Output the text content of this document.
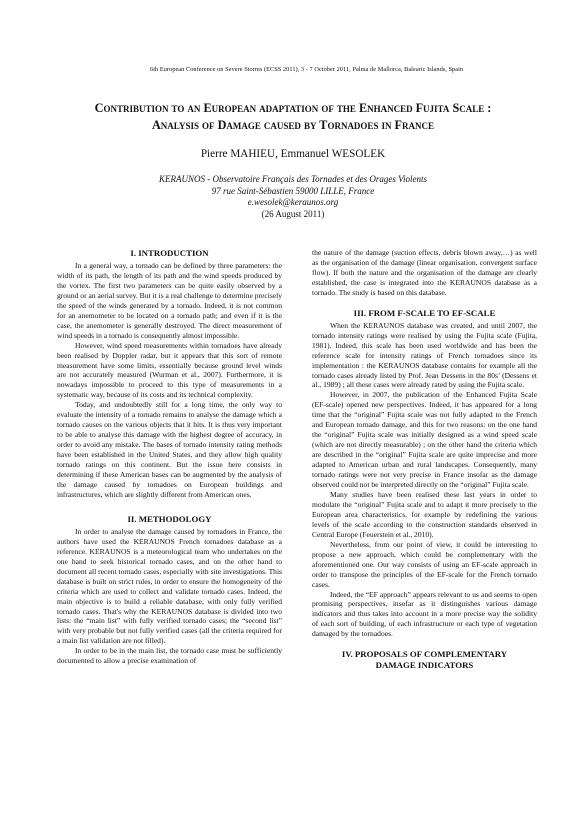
6th European Conference on Severe Storms (ECSS 2011), 3 - 7 October 2011, Palma de Mallorca, Balearic Islands, Spain
Contribution to an European adaptation of the Enhanced Fujita Scale :
Analysis of Damage caused by Tornadoes in France
Pierre MAHIEU, Emmanuel WESOLEK
KERAUNOS - Observatoire Français des Tornades et des Orages Violents
97 rue Saint-Sébastien 59000 LILLE, France
e.wesolek@keraunos.org
(26 August 2011)
I. INTRODUCTION

In a general way, a tornado can be defined by three parameters: the width of its path, the length of its path and the wind speeds produced by the vortex. The first two parameters can be quite easily observed by a ground or an aerial survey. But it is a real challenge to determine precisely the speed of the winds generated by a tornado. Indeed, it is not common for an anemometer to be located on a tornado path; and even if it is the case, the anemometer is generally destroyed. The direct measurement of wind speeds in a tornado is consequently almost impossible.

However, wind speed measurements within tornadoes have already been realised by Doppler radar, but it appears that this sort of remote measurement have some limits, essentially because ground level winds are not accurately measured (Wurman et al., 2007). Furthermore, it is nowadays impossible to proceed to this type of measurements in a systematic way, because of its costs and its technical complexity.

Today, and undoubtedly still for a long time, the only way to evaluate the intensity of a tornado remains to analyse the damage which a tornado causes on the various objects that it hits. It is thus very important to be able to analyse this damage with the highest degree of accuracy, in order to avoid any mistake. The bases of tornado intensity rating methods have been established in the United States, and they allow high quality tornado ratings on this continent. But the issue here consists in determining if these American bases can be augmented by the analysis of the damage caused by tornadoes on European buildings and infrastructures, which are slightly different from American ones.

II. METHODOLOGY

In order to analyse the damage caused by tornadoes in France, the authors have used the KERAUNOS French tornadoes database as a reference. KERAUNOS is a meteorological team who undertakes on the one hand to seek historical tornado cases, and on the other hand to document all recent tornado cases, especially with site investigations. This database is built on strict rules, in order to ensure the homogeneity of the criteria which are used to collect and validate tornado cases. Indeed, the main objective is to build a reliable database, with only fully verified tornado cases. That's why the KERAUNOS database is divided into two lists: the “main list” with fully verified tornado cases; the “second list” with very probable but not fully verified cases (all the criteria required for a main list validation are not filled).

In order to be in the main list, the tornado case must be sufficiently documented to allow a precise examination of

the nature of the damage (suction effects, debris blown away,…) as well as the organisation of the damage (linear organisation, convergent surface flow). If both the nature and the organisation of the damage are clearly established, the case is integrated into the KERAUNOS database as a tornado. The study is based on this database.

III. FROM F-SCALE TO EF-SCALE

When the KERAUNOS database was created, and until 2007, the tornado intensity ratings were realised by using the Fujita scale (Fujita, 1981). Indeed, this scale has been used worldwide and has been the reference scale for intensity ratings of French tornadoes since its implementation : the KERAUNOS database contains for example all the tornado cases already listed by Prof. Jean Dessens in the 80s’ (Dessens et al., 1989) ; all these cases were already rated by using the Fujita scale.

However, in 2007, the publication of the Enhanced Fujita Scale (EF-scale) opened new perspectives. Indeed, it has appeared for a long time that the “original” Fujita scale was not fully adapted to the French and European tornado damage, and this for two reasons: on the one hand the “original” Fujita scale was initially designed as a wind speed scale (which are not directly measurable) ; on the other hand the criteria which are described in the “original” Fujita scale are quite imprecise and more adapted to American urban and rural landscapes. Consequently, many tornado ratings were not very precise in France insofar as the damage observed could not be interpreted directly on the “original” Fujita scale.

Many studies have been realised these last years in order to modulate the “original” Fujita scale and to adapt it more precisely to the European area characteristics, for example by redefining the various levels of the scale according to the construction standards observed in Central Europe (Feuerstein et al., 2010).

Nevertheless, from our point of view, it could be interesting to propose a new approach, which could be complementary with the aforementioned one. Our way consists of using an EF-scale approach in order to transpose the principles of the EF-scale for the French tornado cases.

Indeed, the “EF approach” appears relevant to us and seems to open promising perspectives, insofar as it distinguishes various damage indicators and thus takes into account in a more precise way the solidity of each sort of building, of each infrastructure or each type of vegetation damaged by the tornadoes.

IV. PROPOSALS OF COMPLEMENTARY
DAMAGE INDICATORS
